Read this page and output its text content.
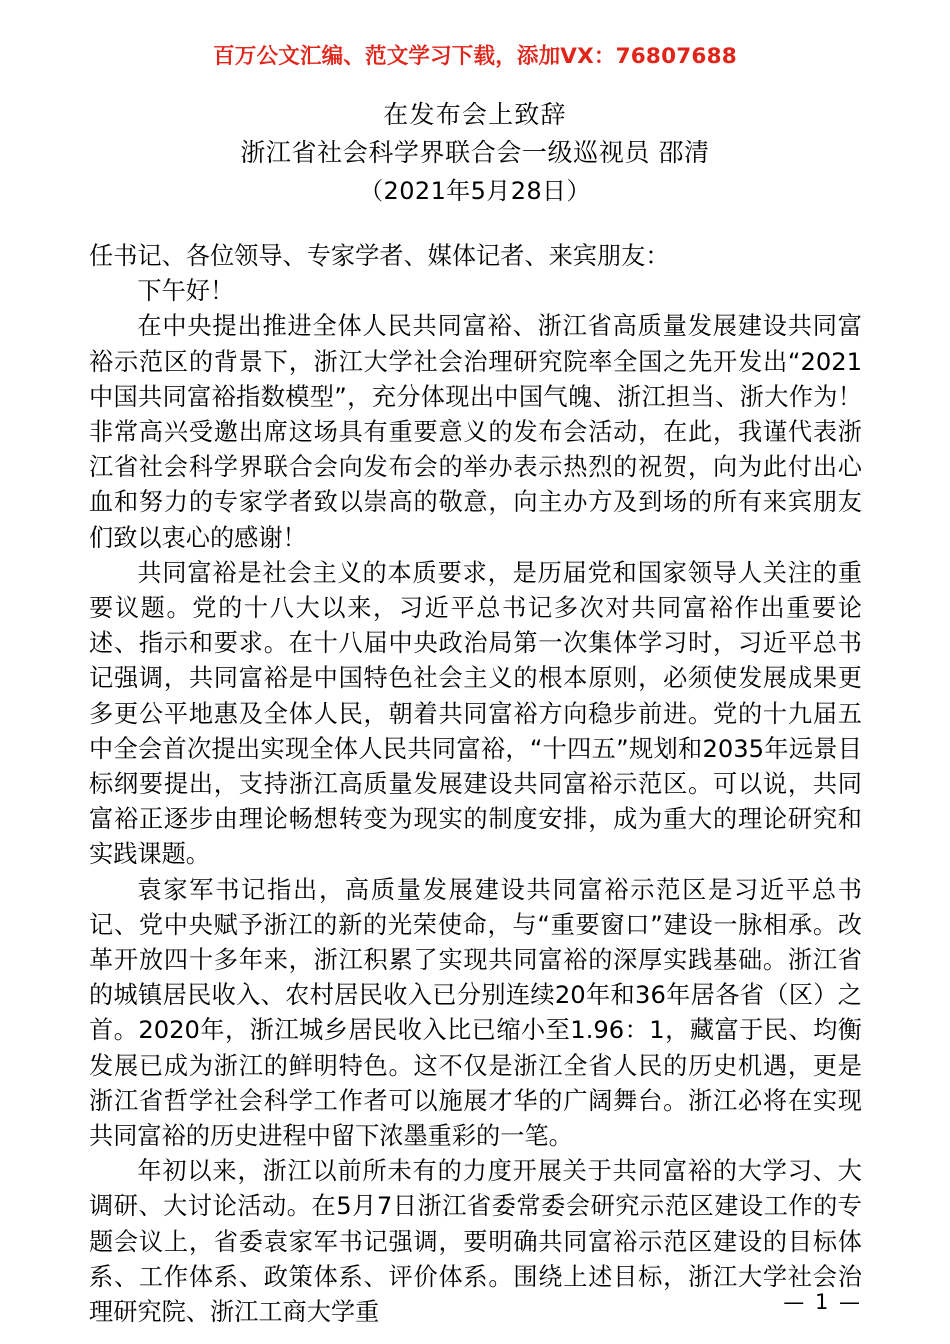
百万公文汇编、范文学习下载，添加VX：76807688
在发布会上致辞
浙江省社会科学界联合会一级巡视员 邵清
（2021年5月28日）

任书记、各位领导、专家学者、媒体记者、来宾朋友：

下午好！

在中央提出推进全体人民共同富裕、浙江省高质量发展建设共同富裕示范区的背景下，浙江大学社会治理研究院率全国之先开发出“2021中国共同富裕指数模型”，充分体现出中国气魄、浙江担当、浙大作为！非常高兴受邀出席这场具有重要意义的发布会活动，在此，我谨代表浙江省社会科学界联合会向发布会的举办表示热烈的祝贺，向为此付出心血和努力的专家学者致以崇高的敬意，向主办方及到场的所有来宾朋友们致以衷心的感谢！

共同富裕是社会主义的本质要求，是历届党和国家领导人关注的重要议题。党的十八大以来，习近平总书记多次对共同富裕作出重要论述、指示和要求。在十八届中央政治局第一次集体学习时，习近平总书记强调，共同富裕是中国特色社会主义的根本原则，必须使发展成果更多更公平地惠及全体人民，朝着共同富裕方向稳步前进。党的十九届五中全会首次提出实现全体人民共同富裕，“十四五”规划和2035年远景目标纲要提出，支持浙江高质量发展建设共同富裕示范区。可以说，共同富裕正逐步由理论畅想转变为现实的制度安排，成为重大的理论研究和实践课题。

袁家军书记指出，高质量发展建设共同富裕示范区是习近平总书记、党中央赋予浙江的新的光荣使命，与“重要窗口”建设一脉相承。改革开放四十多年来，浙江积累了实现共同富裕的深厚实践基础。浙江省的城镇居民收入、农村居民收入已分别连续20年和36年居各省（区）之首。2020年，浙江城乡居民收入比已缩小至1.96：1，藏富于民、均衡发展已成为浙江的鲜明特色。这不仅是浙江全省人民的历史机遇，更是浙江省哲学社会科学工作者可以施展才华的广阔舞台。浙江必将在实现共同富裕的历史进程中留下浓墨重彩的一笔。

年初以来，浙江以前所未有的力度开展关于共同富裕的大学习、大调研、大讨论活动。在5月7日浙江省委常委会研究示范区建设工作的专题会议上，省委袁家军书记强调，要明确共同富裕示范区建设的目标体系、工作体系、政策体系、评价体系。围绕上述目标，浙江大学社会治理研究院、浙江工商大学重	— 1 —
